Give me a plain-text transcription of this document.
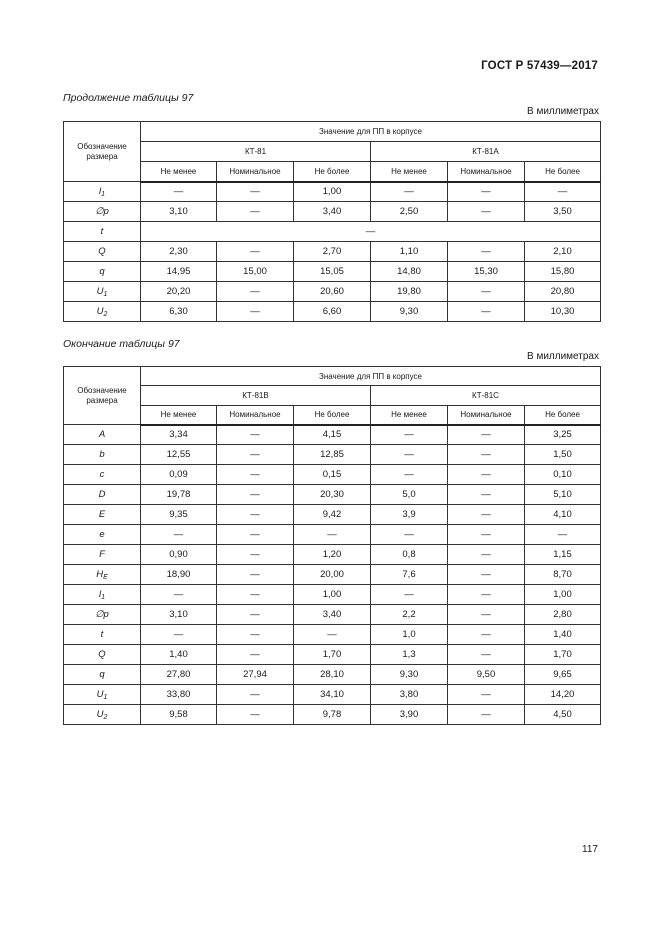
ГОСТ Р 57439—2017
Продолжение таблицы 97
В миллиметрах
Обозначение размера	Значение для ПП в корпусе					
	КТ-81			КТ-81А		
	Не менее	Номинальное	Не более	Не менее	Номинальное	Не более
$l_1$	—	—	1,00	—	—	—
∅p	3,10	—	3,40	2,50	—	3,50
t	—					
Q	2,30	—	2,70	1,10	—	2,10
q	14,95	15,00	15,05	14,80	15,30	15,80
$U_1$	20,20	—	20,60	19,80	—	20,80
$U_2$	6,30	—	6,60	9,30	—	10,30
Окончание таблицы 97
В миллиметрах
Обозначение размера	Значение для ПП в корпусе					
	КТ-81В			КТ-81С		
	Не менее	Номинальное	Не более	Не менее	Номинальное	Не более
A	3,34	—	4,15	—	—	3,25
b	12,55	—	12,85	—	—	1,50
c	0,09	—	0,15	—	—	0,10
D	19,78	—	20,30	5,0	—	5,10
E	9,35	—	9,42	3,9	—	4,10
e	—	—	—	—	—	—
F	0,90	—	1,20	0,8	—	1,15
$H_E$	18,90	—	20,00	7,6	—	8,70
$l_1$	—	—	1,00	—	—	1,00
∅p	3,10	—	3,40	2,2	—	2,80
t	—	—	—	1,0	—	1,40
Q	1,40	—	1,70	1,3	—	1,70
q	27,80	27,94	28,10	9,30	9,50	9,65
$U_1$	33,80	—	34,10	3,80	—	14,20
$U_2$	9,58	—	9,78	3,90	—	4,50
117
